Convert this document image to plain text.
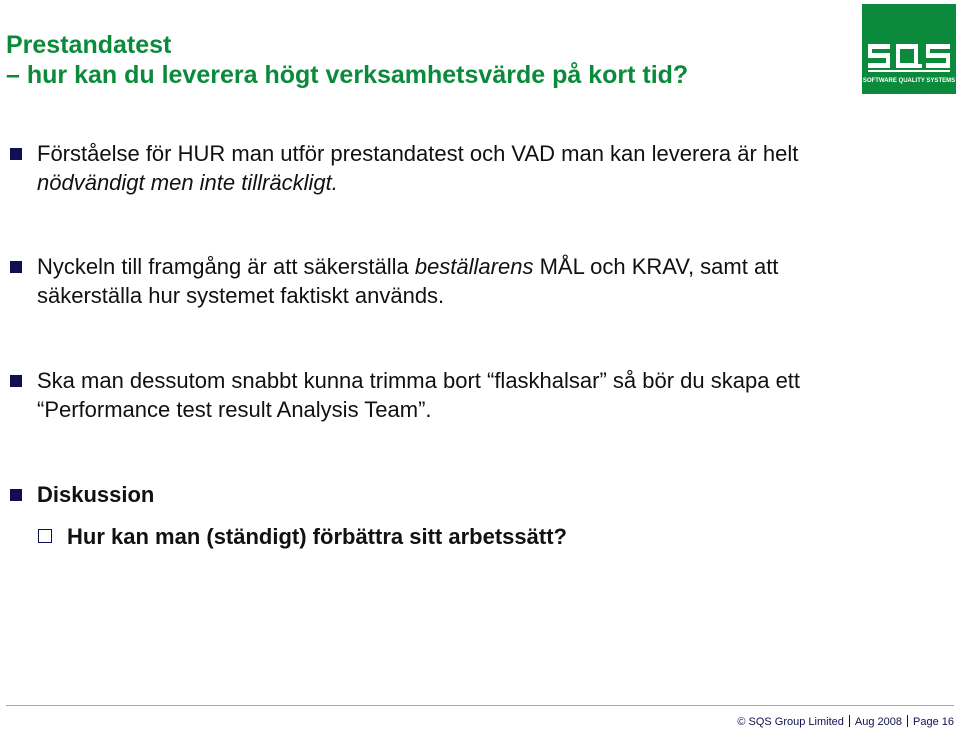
Prestandatest
– hur kan du leverera högt verksamhetsvärde på kort tid?	SOFTWARE QUALITY SYSTEMS
Förståelse för HUR man utför prestandatest och VAD man kan leverera är helt
nödvändigt men inte tillräckligt.
Nyckeln till framgång är att säkerställa beställarens MÅL och KRAV, samt att
säkerställa hur systemet faktiskt används.
Ska man dessutom snabbt kunna trimma bort “flaskhalsar” så bör du skapa ett
“Performance test result Analysis Team”.
Diskussion
Hur kan man (ständigt) förbättra sitt arbetssätt?
© SQS Group Limited Aug 2008 Page 16
